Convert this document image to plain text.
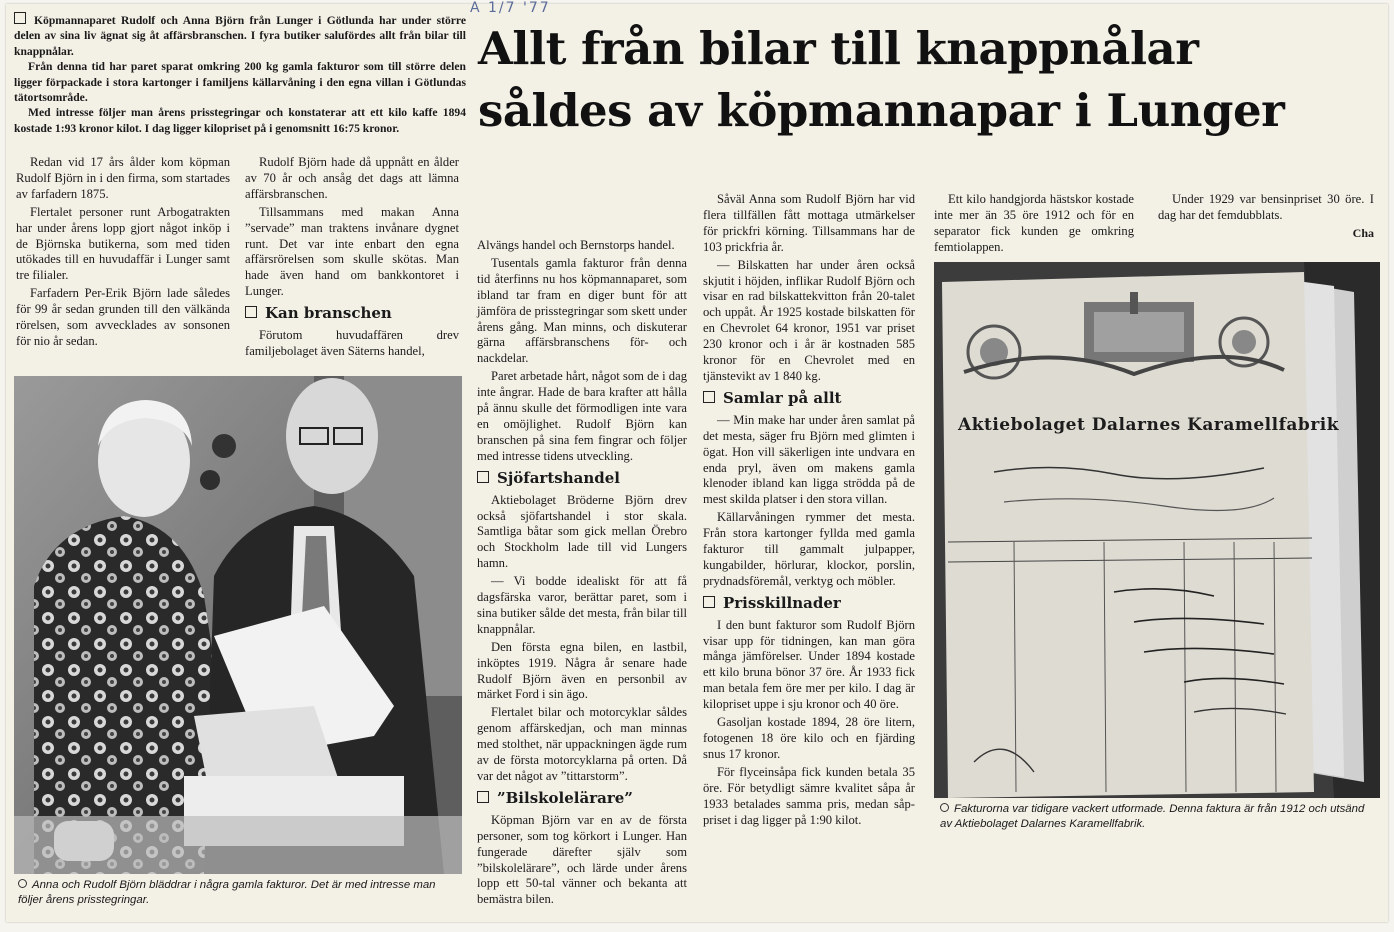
A 1/7 '77
Allt från bilar till knappnålar
såldes av köpmannapar i Lunger

Köpmannaparet Rudolf och Anna Björn från Lunger i Götlunda har under större delen av sina liv ägnat sig åt affärsbranschen. I fyra butiker salufördes allt från bilar till knappnålar.

Från denna tid har paret sparat omkring 200 kg gamla fakturor som till större delen ligger förpackade i stora kartonger i familjens källarvåning i den egna villan i Götlundas tätortsområde.

Med intresse följer man årens prisstegringar och konstaterar att ett kilo kaffe 1894 kostade 1:93 kronor kilot. I dag ligger kilopriset på i genomsnitt 16:75 kronor.

Redan vid 17 års ålder kom köpman Rudolf Björn in i den firma, som startades av farfadern 1875.

Flertalet personer runt Arbogatrakten har under årens lopp gjort något inköp i de Björnska butikerna, som med tiden utökades till en huvudaffär i Lunger samt tre filialer.

Farfadern Per-Erik Björn lade således för 99 år sedan grunden till den välkända rörelsen, som avvecklades av sonsonen för nio år sedan.

Rudolf Björn hade då uppnått en ålder av 70 år och ansåg det dags att lämna affärsbranschen.

Tillsammans med makan Anna ”servade” man traktens invånare dygnet runt. Det var inte enbart den egna affärsrörelsen som skulle skötas. Man hade även hand om bankkontoret i Lunger.

Kan branschen

Förutom huvudaffären drev familjebolaget även Säterns handel,

Anna och Rudolf Björn bläddrar i några gamla fakturor. Det är med intresse man följer årens prisstegringar.

Alvängs handel och Bernstorps handel.

Tusentals gamla fakturor från denna tid återfinns nu hos köpmannaparet, som ibland tar fram en diger bunt för att jämföra de prisstegringar som skett under årens gång. Man minns, och diskuterar gärna affärsbranschens för- och nackdelar.

Paret arbetade hårt, något som de i dag inte ångrar. Hade de bara krafter att hålla på ännu skulle det förmodligen inte vara en omöjlighet. Rudolf Björn kan branschen på sina fem fingrar och följer med intresse tidens utveckling.

Sjöfartshandel

Aktiebolaget Bröderne Björn drev också sjöfartshandel i stor skala. Samtliga båtar som gick mellan Örebro och Stockholm lade till vid Lungers hamn.

— Vi bodde idealiskt för att få dagsfärska varor, berättar paret, som i sina butiker sålde det mesta, från bilar till knappnålar.

Den första egna bilen, en lastbil, inköptes 1919. Några år senare hade Rudolf Björn även en personbil av märket Ford i sin ägo.

Flertalet bilar och motorcyklar såldes genom affärskedjan, och man minnas med stolthet, när uppackningen ägde rum av de första motorcyklarna på orten. Då var det något av ”tittarstorm”.

”Bilskolelärare”

Köpman Björn var en av de första personer, som tog körkort i Lunger. Han fungerade därefter själv som ”bilskolelärare”, och lärde under årens lopp ett 50-tal vänner och bekanta att bemästra bilen.

Såväl Anna som Rudolf Björn har vid flera tillfällen fått mottaga utmärkelser för prickfri körning. Tillsammans har de 103 prickfria år.

— Bilskatten har under åren också skjutit i höjden, inflikar Rudolf Björn och visar en rad bilskattekvitton från 20-talet och uppåt. År 1925 kostade bilskatten för en Chevrolet 64 kronor, 1951 var priset 230 kronor och i år är kostnaden 585 kronor för en Chevrolet med en tjänstevikt av 1 840 kg.

Samlar på allt

— Min make har under åren samlat på det mesta, säger fru Björn med glimten i ögat. Hon vill säkerligen inte undvara en enda pryl, även om makens gamla klenoder ibland kan ligga strödda på de mest skilda platser i den stora villan.

Källarvåningen rymmer det mesta. Från stora kartonger fyllda med gamla fakturor till gammalt julpapper, kungabilder, hörlurar, klockor, porslin, prydnadsföremål, verktyg och möbler.

Prisskillnader

I den bunt fakturor som Rudolf Björn visar upp för tidningen, kan man göra många jämförelser. Under 1894 kostade ett kilo bruna bönor 37 öre. År 1933 fick man betala fem öre mer per kilo. I dag är kilopriset uppe i sju kronor och 40 öre.

Gasoljan kostade 1894, 28 öre litern, fotogenen 18 öre kilo och en fjärding snus 17 kronor.

För flyceinsåpa fick kunden betala 35 öre. För betydligt sämre kvalitet såpa år 1933 betalades samma pris, medan såp-priset i dag ligger på 1:90 kilot.

Ett kilo handgjorda hästskor kostade inte mer än 35 öre 1912 och för en separator fick kunden ge omkring femtiolappen.

Under 1929 var bensinpriset 30 öre. I dag har det femdubblats.

Cha
Aktiebolaget Dalarnes Karamellfabrik
Fakturorna var tidigare vackert utformade. Denna faktura är från 1912 och utsänd av Aktiebolaget Dalarnes Karamellfabrik.
